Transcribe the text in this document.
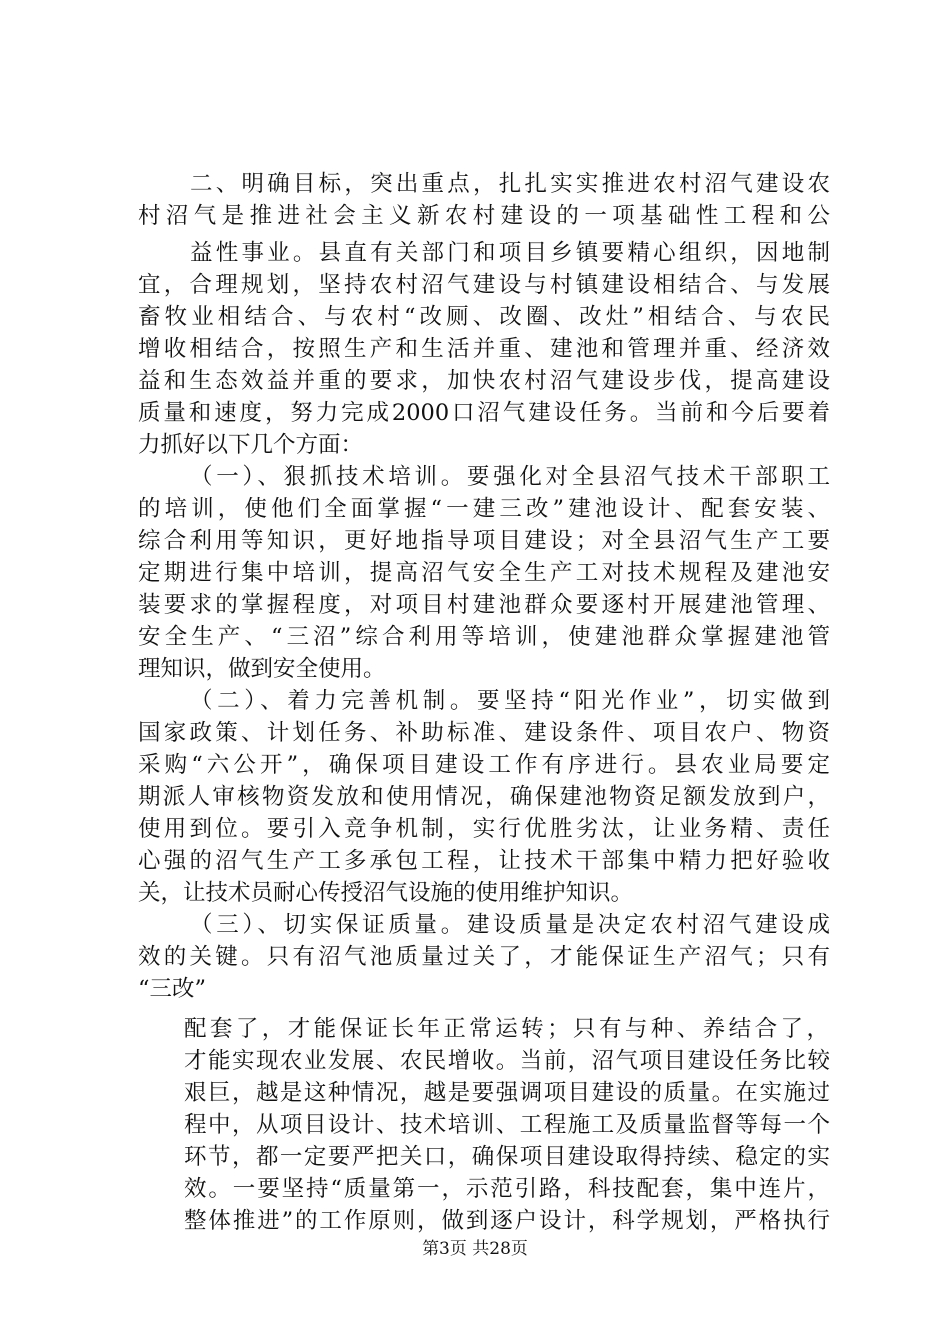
二、明确目标，突出重点，扎扎实实推进农村沼气建设农
村沼气是推进社会主义新农村建设的一项基础性工程和公
益性事业。县直有关部门和项目乡镇要精心组织，因地制
宜，合理规划，坚持农村沼气建设与村镇建设相结合、与发展
畜牧业相结合、与农村“改厕、改圈、改灶”相结合、与农民
增收相结合，按照生产和生活并重、建池和管理并重、经济效
益和生态效益并重的要求，加快农村沼气建设步伐，提高建设
质量和速度，努力完成2000口沼气建设任务。当前和今后要着
力抓好以下几个方面：
（一）、狠抓技术培训。要强化对全县沼气技术干部职工
的培训，使他们全面掌握“一建三改”建池设计、配套安装、
综合利用等知识，更好地指导项目建设；对全县沼气生产工要
定期进行集中培训，提高沼气安全生产工对技术规程及建池安
装要求的掌握程度，对项目村建池群众要逐村开展建池管理、
安全生产、“三沼”综合利用等培训，使建池群众掌握建池管
理知识，做到安全使用。
（二）、着力完善机制。要坚持“阳光作业”，切实做到
国家政策、计划任务、补助标准、建设条件、项目农户、物资
采购“六公开”，确保项目建设工作有序进行。县农业局要定
期派人审核物资发放和使用情况，确保建池物资足额发放到户，
使用到位。要引入竞争机制，实行优胜劣汰，让业务精、责任
心强的沼气生产工多承包工程，让技术干部集中精力把好验收
关，让技术员耐心传授沼气设施的使用维护知识。
（三）、切实保证质量。建设质量是决定农村沼气建设成
效的关键。只有沼气池质量过关了，才能保证生产沼气；只有
“三改”
配套了，才能保证长年正常运转；只有与种、养结合了，
才能实现农业发展、农民增收。当前，沼气项目建设任务比较
艰巨，越是这种情况，越是要强调项目建设的质量。在实施过
程中，从项目设计、技术培训、工程施工及质量监督等每一个
环节，都一定要严把关口，确保项目建设取得持续、稳定的实
效。一要坚持“质量第一，示范引路，科技配套，集中连片，
整体推进”的工作原则，做到逐户设计，科学规划，严格执行
第3页 共28页
